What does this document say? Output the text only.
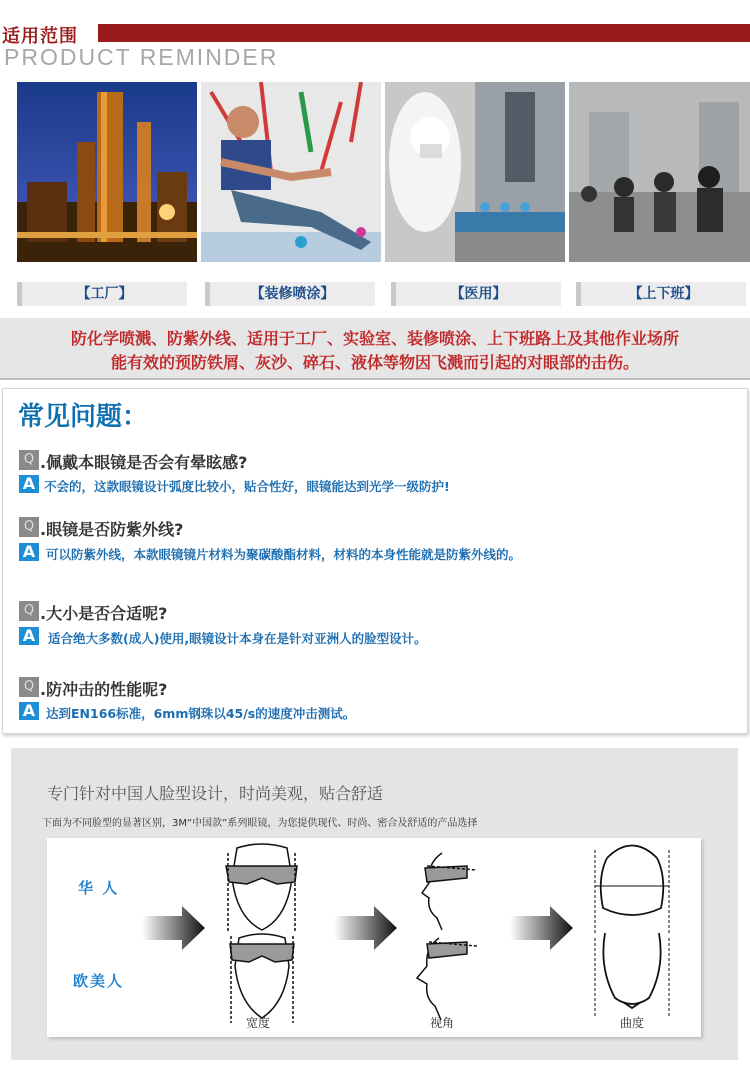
适用范围
PRODUCT REMINDER
【工厂】	【装修喷涂】	【医用】	【上下班】
防化学喷溅、防紫外线、适用于工厂、实验室、装修喷涂、上下班路上及其他作业场所
能有效的预防铁屑、灰沙、碎石、液体等物因飞溅而引起的对眼部的击伤。
常见问题：
Q .佩戴本眼镜是否会有晕眩感?
A 不会的，这款眼镜设计弧度比较小，贴合性好，眼镜能达到光学一级防护!
Q .眼镜是否防紫外线?
A 可以防紫外线，本款眼镜镜片材料为聚碳酸酯材料，材料的本身性能就是防紫外线的。
Q .大小是否合适呢?
A	适合绝大多数(成人)使用,眼镜设计本身在是针对亚洲人的脸型设计。
Q .防冲击的性能呢?
A 达到EN166标准，6mm钢珠以45/s的速度冲击测试。
专门针对中国人脸型设计，时尚美观，贴合舒适
下面为不同脸型的显著区别，3M“中国款”系列眼镜，为您提供现代、时尚、密合及舒适的产品选择
华 人
欧美人
宽度	视角	曲度
